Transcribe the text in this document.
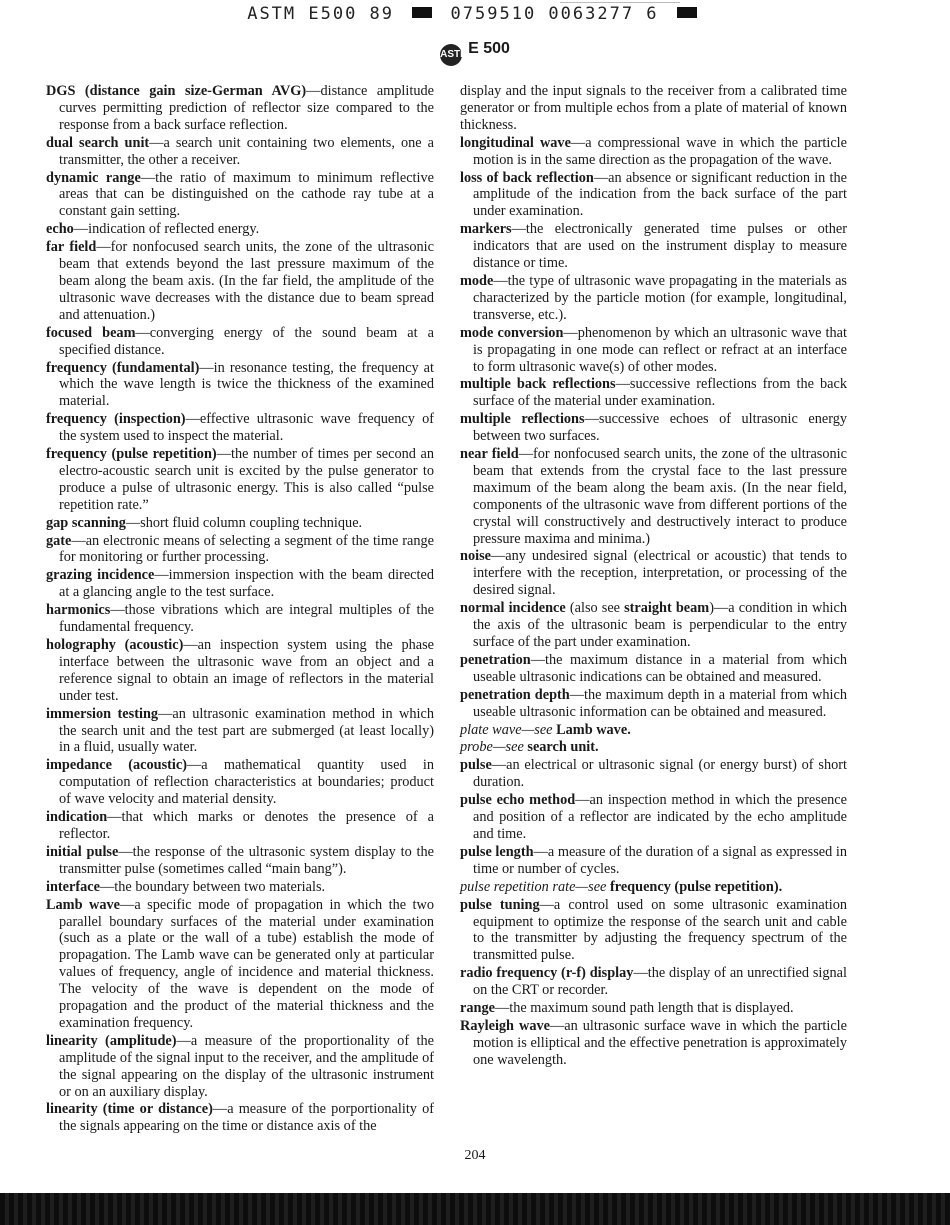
ASTM E500 89	0759510 0063277 6
ASTME 500
DGS (distance gain size-German AVG)—distance amplitude curves permitting prediction of reflector size compared to the response from a back surface reflection.
dual search unit—a search unit containing two elements, one a transmitter, the other a receiver.
dynamic range—the ratio of maximum to minimum reflective areas that can be distinguished on the cathode ray tube at a constant gain setting.
echo—indication of reflected energy.
far field—for nonfocused search units, the zone of the ultrasonic beam that extends beyond the last pressure maximum of the beam along the beam axis. (In the far field, the amplitude of the ultrasonic wave decreases with the distance due to beam spread and attenuation.)
focused beam—converging energy of the sound beam at a specified distance.
frequency (fundamental)—in resonance testing, the frequency at which the wave length is twice the thickness of the examined material.
frequency (inspection)—effective ultrasonic wave frequency of the system used to inspect the material.
frequency (pulse repetition)—the number of times per second an electro-acoustic search unit is excited by the pulse generator to produce a pulse of ultrasonic energy. This is also called “pulse repetition rate.”
gap scanning—short fluid column coupling technique.
gate—an electronic means of selecting a segment of the time range for monitoring or further processing.
grazing incidence—immersion inspection with the beam directed at a glancing angle to the test surface.
harmonics—those vibrations which are integral multiples of the fundamental frequency.
holography (acoustic)—an inspection system using the phase interface between the ultrasonic wave from an object and a reference signal to obtain an image of reflectors in the material under test.
immersion testing—an ultrasonic examination method in which the search unit and the test part are submerged (at least locally) in a fluid, usually water.
impedance (acoustic)—a mathematical quantity used in computation of reflection characteristics at boundaries; product of wave velocity and material density.
indication—that which marks or denotes the presence of a reflector.
initial pulse—the response of the ultrasonic system display to the transmitter pulse (sometimes called “main bang”).
interface—the boundary between two materials.
Lamb wave—a specific mode of propagation in which the two parallel boundary surfaces of the material under examination (such as a plate or the wall of a tube) establish the mode of propagation. The Lamb wave can be generated only at particular values of frequency, angle of incidence and material thickness. The velocity of the wave is dependent on the mode of propagation and the product of the material thickness and the examination frequency.
linearity (amplitude)—a measure of the proportionality of the amplitude of the signal input to the receiver, and the amplitude of the signal appearing on the display of the ultrasonic instrument or on an auxiliary display.
linearity (time or distance)—a measure of the porportionality of the signals appearing on the time or distance axis of the
display and the input signals to the receiver from a calibrated time generator or from multiple echos from a plate of material of known thickness.
longitudinal wave—a compressional wave in which the particle motion is in the same direction as the propagation of the wave.
loss of back reflection—an absence or significant reduction in the amplitude of the indication from the back surface of the part under examination.
markers—the electronically generated time pulses or other indicators that are used on the instrument display to measure distance or time.
mode—the type of ultrasonic wave propagating in the materials as characterized by the particle motion (for example, longitudinal, transverse, etc.).
mode conversion—phenomenon by which an ultrasonic wave that is propagating in one mode can reflect or refract at an interface to form ultrasonic wave(s) of other modes.
multiple back reflections—successive reflections from the back surface of the material under examination.
multiple reflections—successive echoes of ultrasonic energy between two surfaces.
near field—for nonfocused search units, the zone of the ultrasonic beam that extends from the crystal face to the last pressure maximum of the beam along the beam axis. (In the near field, components of the ultrasonic wave from different portions of the crystal will constructively and destructively interact to produce pressure maxima and minima.)
noise—any undesired signal (electrical or acoustic) that tends to interfere with the reception, interpretation, or processing of the desired signal.
normal incidence (also see straight beam)—a condition in which the axis of the ultrasonic beam is perpendicular to the entry surface of the part under examination.
penetration—the maximum distance in a material from which useable ultrasonic indications can be obtained and measured.
penetration depth—the maximum depth in a material from which useable ultrasonic information can be obtained and measured.
plate wave—see Lamb wave.
probe—see search unit.
pulse—an electrical or ultrasonic signal (or energy burst) of short duration.
pulse echo method—an inspection method in which the presence and position of a reflector are indicated by the echo amplitude and time.
pulse length—a measure of the duration of a signal as expressed in time or number of cycles.
pulse repetition rate—see frequency (pulse repetition).
pulse tuning—a control used on some ultrasonic examination equipment to optimize the response of the search unit and cable to the transmitter by adjusting the frequency spectrum of the transmitted pulse.
radio frequency (r-f) display—the display of an unrectified signal on the CRT or recorder.
range—the maximum sound path length that is displayed.
Rayleigh wave—an ultrasonic surface wave in which the particle motion is elliptical and the effective penetration is approximately one wavelength.
204
